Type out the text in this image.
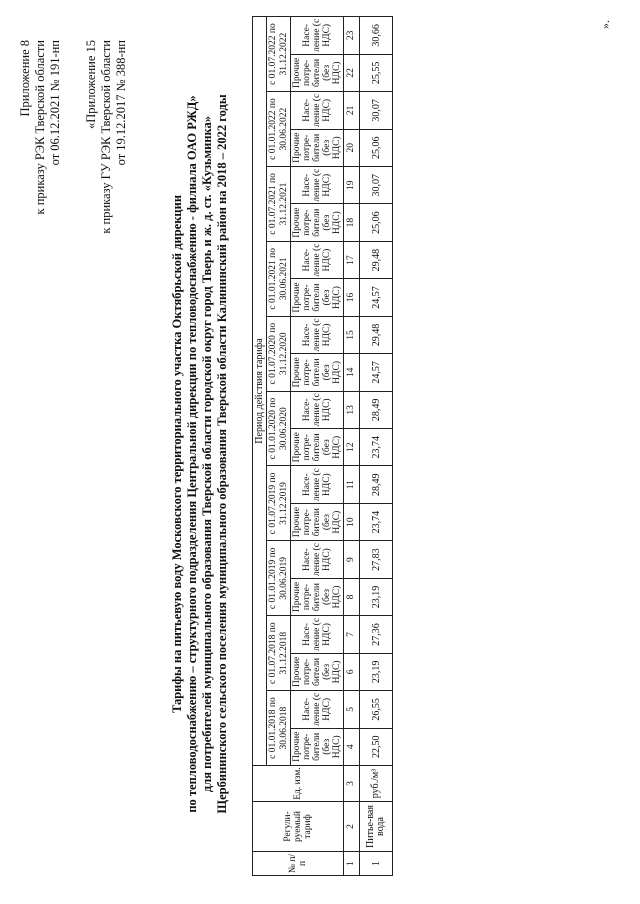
Приложение 8 к приказу РЭК Тверской области от 06.12.2021 № 191-нп «Приложение 15 к приказу ГУ РЭК Тверской области от 19.12.2017 № 388-нп
Тарифы на питьевую воду Московского территориального участка Октябрьской дирекции по тепловодоснабжению – структурного подразделения Центральной дирекции по тепловодоснабжению - филиала ОАО РЖД» для потребителей муниципального образования Тверской области городской округ город Тверь и ж. д. ст. «Кузьминка» Щербининского сельского поселения муниципального образования Тверской области Калининский район на 2018 – 2022 годы
№ п/п	Регули-руемый тариф	Ед. изм.	Период действия тарифа																			
			с 01.01.2018 по 30.06.2018		с 01.07.2018 по 31.12.2018		с 01.01.2019 по 30.06.2019		с 01.07.2019 по 31.12.2019		с 01.01.2020 по 30.06.2020		с 01.07.2020 по 31.12.2020		с 01.01.2021 по 30.06.2021		с 01.07.2021 по 31.12.2021		с 01.01.2022 по 30.06.2022		с 01.07.2022 по 31.12.2022	
			Прочие потре-бители (без НДС)	Насе-ление (с НДС)	Прочие потре-бители (без НДС)	Насе-ление (с НДС)	Прочие потре-бители (без НДС)	Насе-ление (с НДС)	Прочие потре-бители (без НДС)	Насе-ление (с НДС)	Прочие потре-бители (без НДС)	Насе-ление (с НДС)	Прочие потре-бители (без НДС)	Насе-ление (с НДС)	Прочие потре-бители (без НДС)	Насе-ление (с НДС)	Прочие потре-бители (без НДС)	Насе-ление (с НДС)	Прочие потре-бители (без НДС)	Насе-ление (с НДС)	Прочие потре-бители (без НДС)	Насе-ление (с НДС)
1	2	3	4	5	6	7	8	9	10	11	12	13	14	15	16	17	18	19	20	21	22	23
1	Питье-вая вода	руб./м³	22,50	26,55	23,19	27,36	23,19	27,83	23,74	28,49	23,74	28,49	24,57	29,48	24,57	29,48	25,06	30,07	25,06	30,07	25,55	30,66	».
